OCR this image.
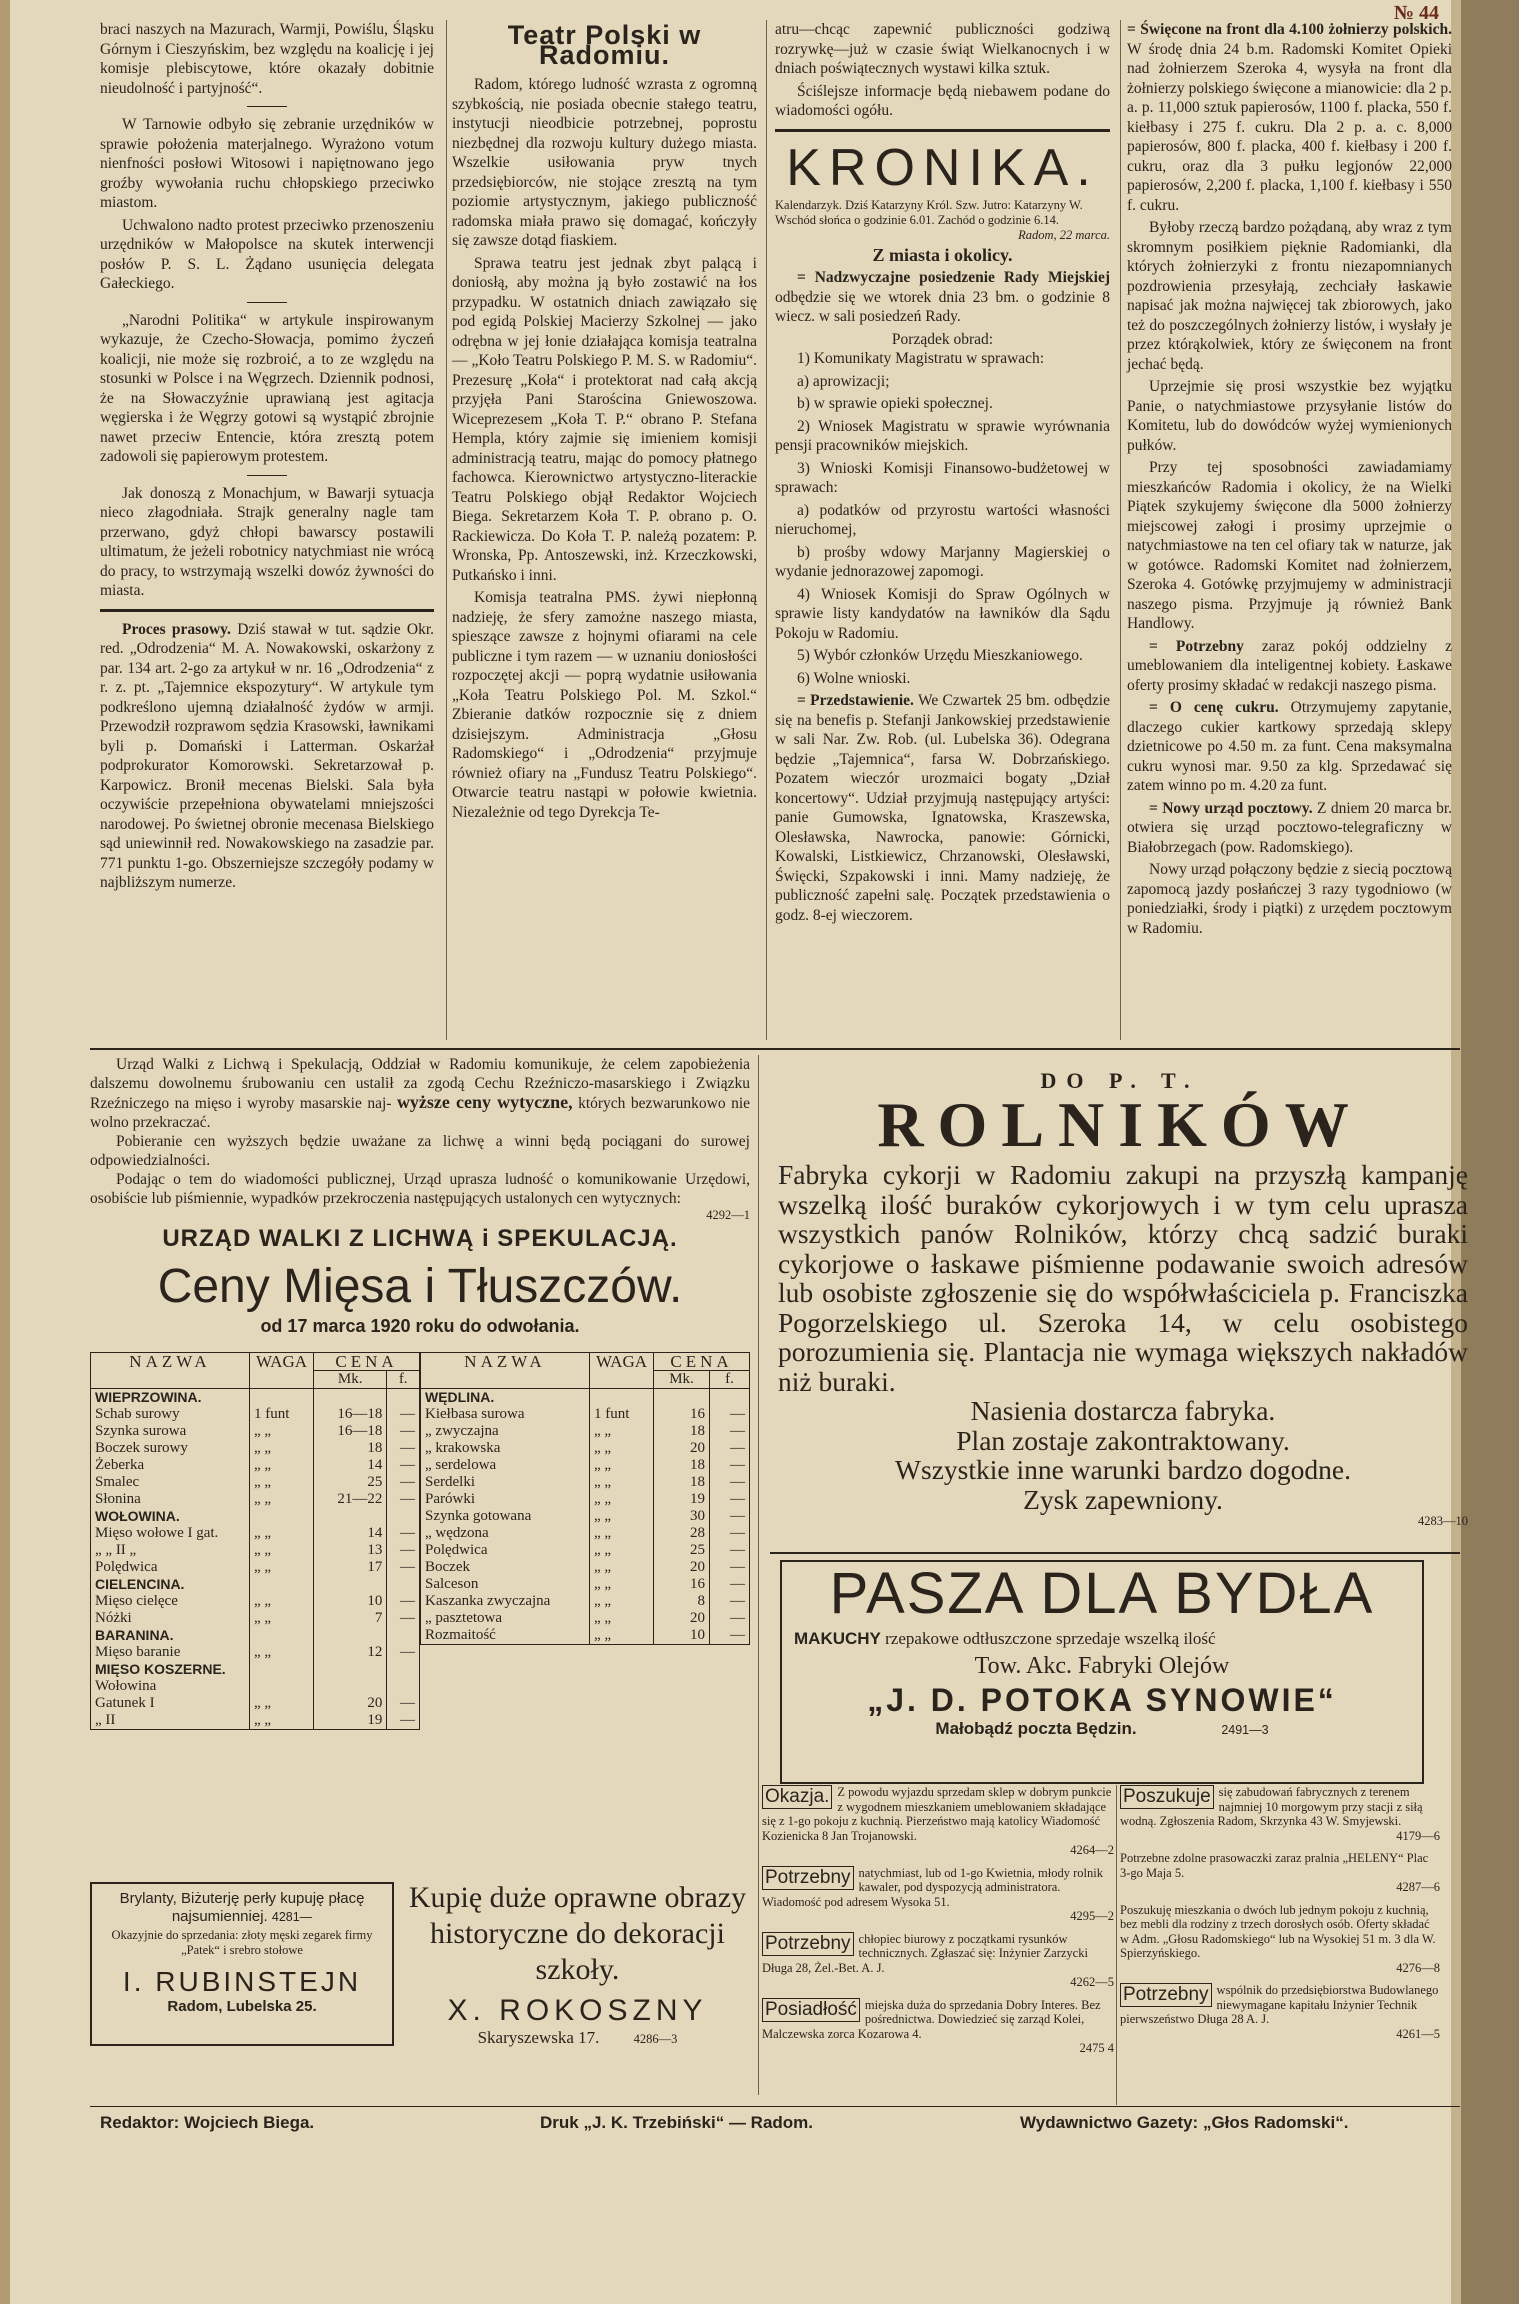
№ 44

braci naszych na Mazurach, Warmji, Powiślu, Śląsku Górnym i Cieszyńskim, bez względu na koalicję i jej komisje plebiscytowe, które okazały dobitnie nieudolność i partyjność“.

W Tarnowie odbyło się zebranie urzędników w sprawie położenia materjalnego. Wyrażono votum nienfności posłowi Witosowi i napiętnowano jego groźby wywołania ruchu chłopskiego przeciwko miastom.

Uchwalono nadto protest przeciwko przenoszeniu urzędników w Małopolsce na skutek interwencji posłów P. S. L. Żądano usunięcia delegata Gałeckiego.

„Narodni Politika“ w artykule inspirowanym wykazuje, że Czecho-Słowacja, pomimo życzeń koalicji, nie może się rozbroić, a to ze względu na stosunki w Polsce i na Węgrzech. Dziennik podnosi, że na Słowaczyźnie uprawianą jest agitacja węgierska i że Węgrzy gotowi są wystąpić zbrojnie nawet przeciw Entencie, która zresztą potem zadowoli się papierowym protestem.

Jak donoszą z Monachjum, w Bawarji sytuacja nieco złagodniała. Strajk generalny nagle tam przerwano, gdyż chłopi bawarscy postawili ultimatum, że jeżeli robotnicy natychmiast nie wrócą do pracy, to wstrzymają wszelki dowóz żywności do miasta.

Proces prasowy. Dziś stawał w tut. sądzie Okr. red. „Odrodzenia“ M. A. Nowakowski, oskarżony z par. 134 art. 2-go za artykuł w nr. 16 „Odrodzenia“ z r. z. pt. „Tajemnice ekspozytury“. W artykule tym podkreślono ujemną działalność żydów w armji. Przewodził rozprawom sędzia Krasowski, ławnikami byli p. Domański i Latterman. Oskarżał podprokurator Komorowski. Sekretarzował p. Karpowicz. Bronił mecenas Bielski. Sala była oczywiście przepełniona obywatelami mniejszości narodowej. Po świetnej obronie mecenasa Bielskiego sąd uniewinnił red. Nowakowskiego na zasadzie par. 771 punktu 1-go. Obszerniejsze szczegóły podamy w najbliższym numerze.

Teatr Polski w Radomiu.

Radom, którego ludność wzrasta z ogromną szybkością, nie posiada obecnie stałego teatru, instytucji nieodbicie potrzebnej, poprostu niezbędnej dla rozwoju kultury dużego miasta. Wszelkie usiłowania pryw tnych przedsiębiorców, nie stojące zresztą na tym poziomie artystycznym, jakiego publiczność radomska miała prawo się domagać, kończyły się zawsze dotąd fiaskiem.

Sprawa teatru jest jednak zbyt palącą i doniosłą, aby można ją było zostawić na łos przypadku. W ostatnich dniach zawiązało się pod egidą Polskiej Macierzy Szkolnej — jako odrębna w jej łonie działająca komisja teatralna — „Koło Teatru Polskiego P. M. S. w Radomiu“. Prezesurę „Koła“ i protektorat nad całą akcją przyjęła Pani Starościna Gniewoszowa. Wiceprezesem „Koła T. P.“ obrano P. Stefana Hempla, który zajmie się imieniem komisji administracją teatru, mając do pomocy płatnego fachowca. Kierownictwo artystyczno-literackie Teatru Polskiego objął Redaktor Wojciech Biega. Sekretarzem Koła T. P. obrano p. O. Rackiewicza. Do Koła T. P. należą pozatem: P. Wronska, Pp. Antoszewski, inż. Krzeczkowski, Putkańsko i inni.

Komisja teatralna PMS. żywi niepłonną nadzieję, że sfery zamożne naszego miasta, spieszące zawsze z hojnymi ofiarami na cele publiczne i tym razem — w uznaniu doniosłości rozpoczętej akcji — poprą wydatnie usiłowania „Koła Teatru Polskiego Pol. M. Szkol.“ Zbieranie datków rozpocznie się z dniem dzisiejszym. Administracja „Głosu Radomskiego“ i „Odrodzenia“ przyjmuje również ofiary na „Fundusz Teatru Polskiego“. Otwarcie teatru nastąpi w połowie kwietnia. Niezależnie od tego Dyrekcja Te-

atru—chcąc zapewnić publiczności godziwą rozrywkę—już w czasie świąt Wielkanocnych i w dniach poświątecznych wystawi kilka sztuk.

Ściślejsze informacje będą niebawem podane do wiadomości ogółu.

KRONIKA.
Kalendarzyk. Dziś Katarzyny Król. Szw. Jutro: Katarzyny W.
Wschód słońca o godzinie 6.01. Zachód o godzinie 6.14.
Radom, 22 marca.
Z miasta i okolicy.

= Nadzwyczajne posiedzenie Rady Miejskiej odbędzie się we wtorek dnia 23 bm. o godzinie 8 wiecz. w sali posiedzeń Rady.

Porządek obrad:

1) Komunikaty Magistratu w sprawach:

a) aprowizacji;

b) w sprawie opieki społecznej.

2) Wniosek Magistratu w sprawie wyrównania pensji pracowników miejskich.

3) Wnioski Komisji Finansowo-budżetowej w sprawach:

a) podatków od przyrostu wartości własności nieruchomej,

b) prośby wdowy Marjanny Magierskiej o wydanie jednorazowej zapomogi.

4) Wniosek Komisji do Spraw Ogólnych w sprawie listy kandydatów na ławników dla Sądu Pokoju w Radomiu.

5) Wybór członków Urzędu Mieszkaniowego.

6) Wolne wnioski.

= Przedstawienie. We Czwartek 25 bm. odbędzie się na benefis p. Stefanji Jankowskiej przedstawienie w sali Nar. Zw. Rob. (ul. Lubelska 36). Odegrana będzie „Tajemnica“, farsa W. Dobrzańskiego. Pozatem wieczór urozmaici bogaty „Dział koncertowy“. Udział przyjmują następujący artyści: panie Gumowska, Ignatowska, Kraszewska, Olesławska, Nawrocka, panowie: Górnicki, Kowalski, Listkiewicz, Chrzanowski, Olesławski, Święcki, Szpakowski i inni. Mamy nadzieję, że publiczność zapełni salę. Początek przedstawienia o godz. 8-ej wieczorem.

= Święcone na front dla 4.100 żołnierzy polskich. W środę dnia 24 b.m. Radomski Komitet Opieki nad żołnierzem Szeroka 4, wysyła na front dla żołnierzy polskiego święcone a mianowicie: dla 2 p. a. p. 11,000 sztuk papierosów, 1100 f. placka, 550 f. kiełbasy i 275 f. cukru. Dla 2 p. a. c. 8,000 papierosów, 800 f. placka, 400 f. kiełbasy i 200 f. cukru, oraz dla 3 pułku legjonów 22,000 papierosów, 2,200 f. placka, 1,100 f. kiełbasy i 550 f. cukru.

Byłoby rzeczą bardzo pożądaną, aby wraz z tym skromnym posiłkiem pięknie Radomianki, dla których żołnierzyki z frontu niezapomnianych pozdrowienia przesyłają, zechciały łaskawie napisać jak można najwięcej tak zbiorowych, jako też do poszczególnych żołnierzy listów, i wysłały je przez którąkolwiek, który ze święconem na front jechać będą.

Uprzejmie się prosi wszystkie bez wyjątku Panie, o natychmiastowe przysyłanie listów do Komitetu, lub do dowódców wyżej wymienionych pułków.

Przy tej sposobności zawiadamiamy mieszkańców Radomia i okolicy, że na Wielki Piątek szykujemy święcone dla 5000 żołnierzy miejscowej załogi i prosimy uprzejmie o natychmiastowe na ten cel ofiary tak w naturze, jak w gotówce. Radomski Komitet nad żołnierzem, Szeroka 4. Gotówkę przyjmujemy w administracji naszego pisma. Przyjmuje ją również Bank Handlowy.

= Potrzebny zaraz pokój oddzielny z umeblowaniem dla inteligentnej kobiety. Łaskawe oferty prosimy składać w redakcji naszego pisma.

= O cenę cukru. Otrzymujemy zapytanie, dlaczego cukier kartkowy sprzedają sklepy dzietnicowe po 4.50 m. za funt. Cena maksymalna cukru wynosi mar. 9.50 za klg. Sprzedawać się zatem winno po m. 4.20 za funt.

= Nowy urząd pocztowy. Z dniem 20 marca br. otwiera się urząd pocztowo-telegraficzny w Białobrzegach (pow. Radomskiego).

Nowy urząd połączony będzie z siecią pocztową zapomocą jazdy posłańczej 3 razy tygodniowo (w poniedziałki, środy i piątki) z urzędem pocztowym w Radomiu.

Urząd Walki z Lichwą i Spekulacją, Oddział w Radomiu komunikuje, że celem zapobieżenia dalszemu dowolnemu śrubowaniu cen ustalił za zgodą Cechu Rzeźniczo-masarskiego i Związku Rzeźniczego na mięso i wyroby masarskie naj- wyższe ceny wytyczne, których bezwarunkowo nie wolno przekraczać.

Pobieranie cen wyższych będzie uważane za lichwę a winni będą pociągani do surowej odpowiedzialności.

Podając o tem do wiadomości publicznej, Urząd uprasza ludność o komunikowanie Urzędowi, osobiście lub piśmiennie, wypadków przekroczenia następujących ustalonych cen wytycznych:

4292—1
URZĄD WALKI Z LICHWĄ i SPEKULACJĄ.
Ceny Mięsa i Tłuszczów.
od 17 marca 1920 roku do odwołania.
NAZWA	WAGA	CENA	
		Mk.	f.
WIEPRZOWINA.			
Schab surowy	1 funt	16—18	—
Szynka surowa	„ „	16—18	—
Boczek surowy	„ „	18	—
Żeberka	„ „	14	—
Smalec	„ „	25	—
Słonina	„ „	21—22	—
WOŁOWINA.			
Mięso wołowe I gat.	„ „	14	—
„ „ II „	„ „	13	—
Polędwica	„ „	17	—
CIELENCINA.			
Mięso cielęce	„ „	10	—
Nóżki	„ „	7	—
BARANINA.			
Mięso baranie	„ „	12	—
MIĘSO KOSZERNE.			
Wołowina			
Gatunek I	„ „	20	—
„ II	„ „	19	—
NAZWA	WAGA	CENA	
		Mk.	f.
WĘDLINA.			
Kiełbasa surowa	1 funt	16	—
„ zwyczajna	„ „	18	—
„ krakowska	„ „	20	—
„ serdelowa	„ „	18	—
Serdelki	„ „	18	—
Parówki	„ „	19	—
Szynka gotowana	„ „	30	—
„ wędzona	„ „	28	—
Polędwica	„ „	25	—
Boczek	„ „	20	—
Salceson	„ „	16	—
Kaszanka zwyczajna	„ „	8	—
„ pasztetowa	„ „	20	—
Rozmaitość	„ „	10	—
DO P. T.
ROLNIKÓW
Fabryka cykorji w Radomiu zakupi na przyszłą kampanję wszelką ilość buraków cykorjowych i w tym celu uprasza wszystkich panów Rolników, którzy chcą sadzić buraki cykorjowe o łaskawe piśmienne podawanie swoich adresów lub osobiste zgłoszenie się do współwłaściciela p. Franciszka Pogorzelskiego ul. Szeroka 14, w celu osobistego porozumienia się. Plantacja nie wymaga większych nakładów niż buraki.
Nasienia dostarcza fabryka.
Plan zostaje zakontraktowany.
Wszystkie inne warunki bardzo dogodne.
Zysk zapewniony.
4283—10
PASZA DLA BYDŁA
MAKUCHY rzepakowe odtłuszczone sprzedaje wszelką ilość
Tow. Akc. Fabryki Olejów
„J. D. POTOKA SYNOWIE“
Małobądź poczta Będzin.	2491—3
Brylanty, Biżuterję perły kupuję płacę najsumienniej. 4281—
Okazyjnie do sprzedania: złoty męski zegarek firmy „Patek“ i srebro stołowe
I. RUBINSTEJN
Radom, Lubelska 25.
Kupię duże oprawne obrazy historyczne do dekoracji szkoły.
X. ROKOSZNY
Skaryszewska 17.	4286—3
Okazja. Z powodu wyjazdu sprzedam sklep w dobrym punkcie z wygodnem mieszkaniem umeblowaniem składające się z 1-go pokoju z kuchnią. Pierzeństwo mają katolicy Wiadomość Kozienicka 8 Jan Trojanowski.
4264—2
Potrzebny natychmiast, lub od 1-go Kwietnia, młody rolnik kawaler, pod dyspozycją administratora. Wiadomość pod adresem Wysoka 51.
4295—2
Potrzebny chłopiec biurowy z początkami rysunków technicznych. Zgłaszać się: Inżynier Zarzycki Długa 28, Żel.-Bet. A. J.
4262—5
Posiadłość miejska duża do sprzedania Dobry Interes. Bez pośrednictwa. Dowiedzieć się zarząd Kolei, Malczewska zorca Kozarowa 4.
2475 4
Poszukuje się zabudowań fabrycznych z terenem najmniej 10 morgowym przy stacji z siłą wodną. Zgłoszenia Radom, Skrzynka 43 W. Smyjewski.
4179—6
Potrzebne zdolne prasowaczki zaraz pralnia „HELENY“ Plac 3-go Maja 5.
4287—6
Poszukuję mieszkania o dwóch lub jednym pokoju z kuchnią, bez mebli dla rodziny z trzech dorosłych osób. Oferty składać w Adm. „Głosu Radomskiego“ lub na Wysokiej 51 m. 3 dla W. Spierzyńskiego.
4276—8
Potrzebny wspólnik do przedsiębiorstwa Budowlanego niewymagane kapitału Inżynier Technik pierwszeństwo Długa 28 A. J.
4261—5
Redaktor: Wojciech Biega.	Druk „J. K. Trzebiński“ — Radom.	Wydawnictwo Gazety: „Głos Radomski“.
